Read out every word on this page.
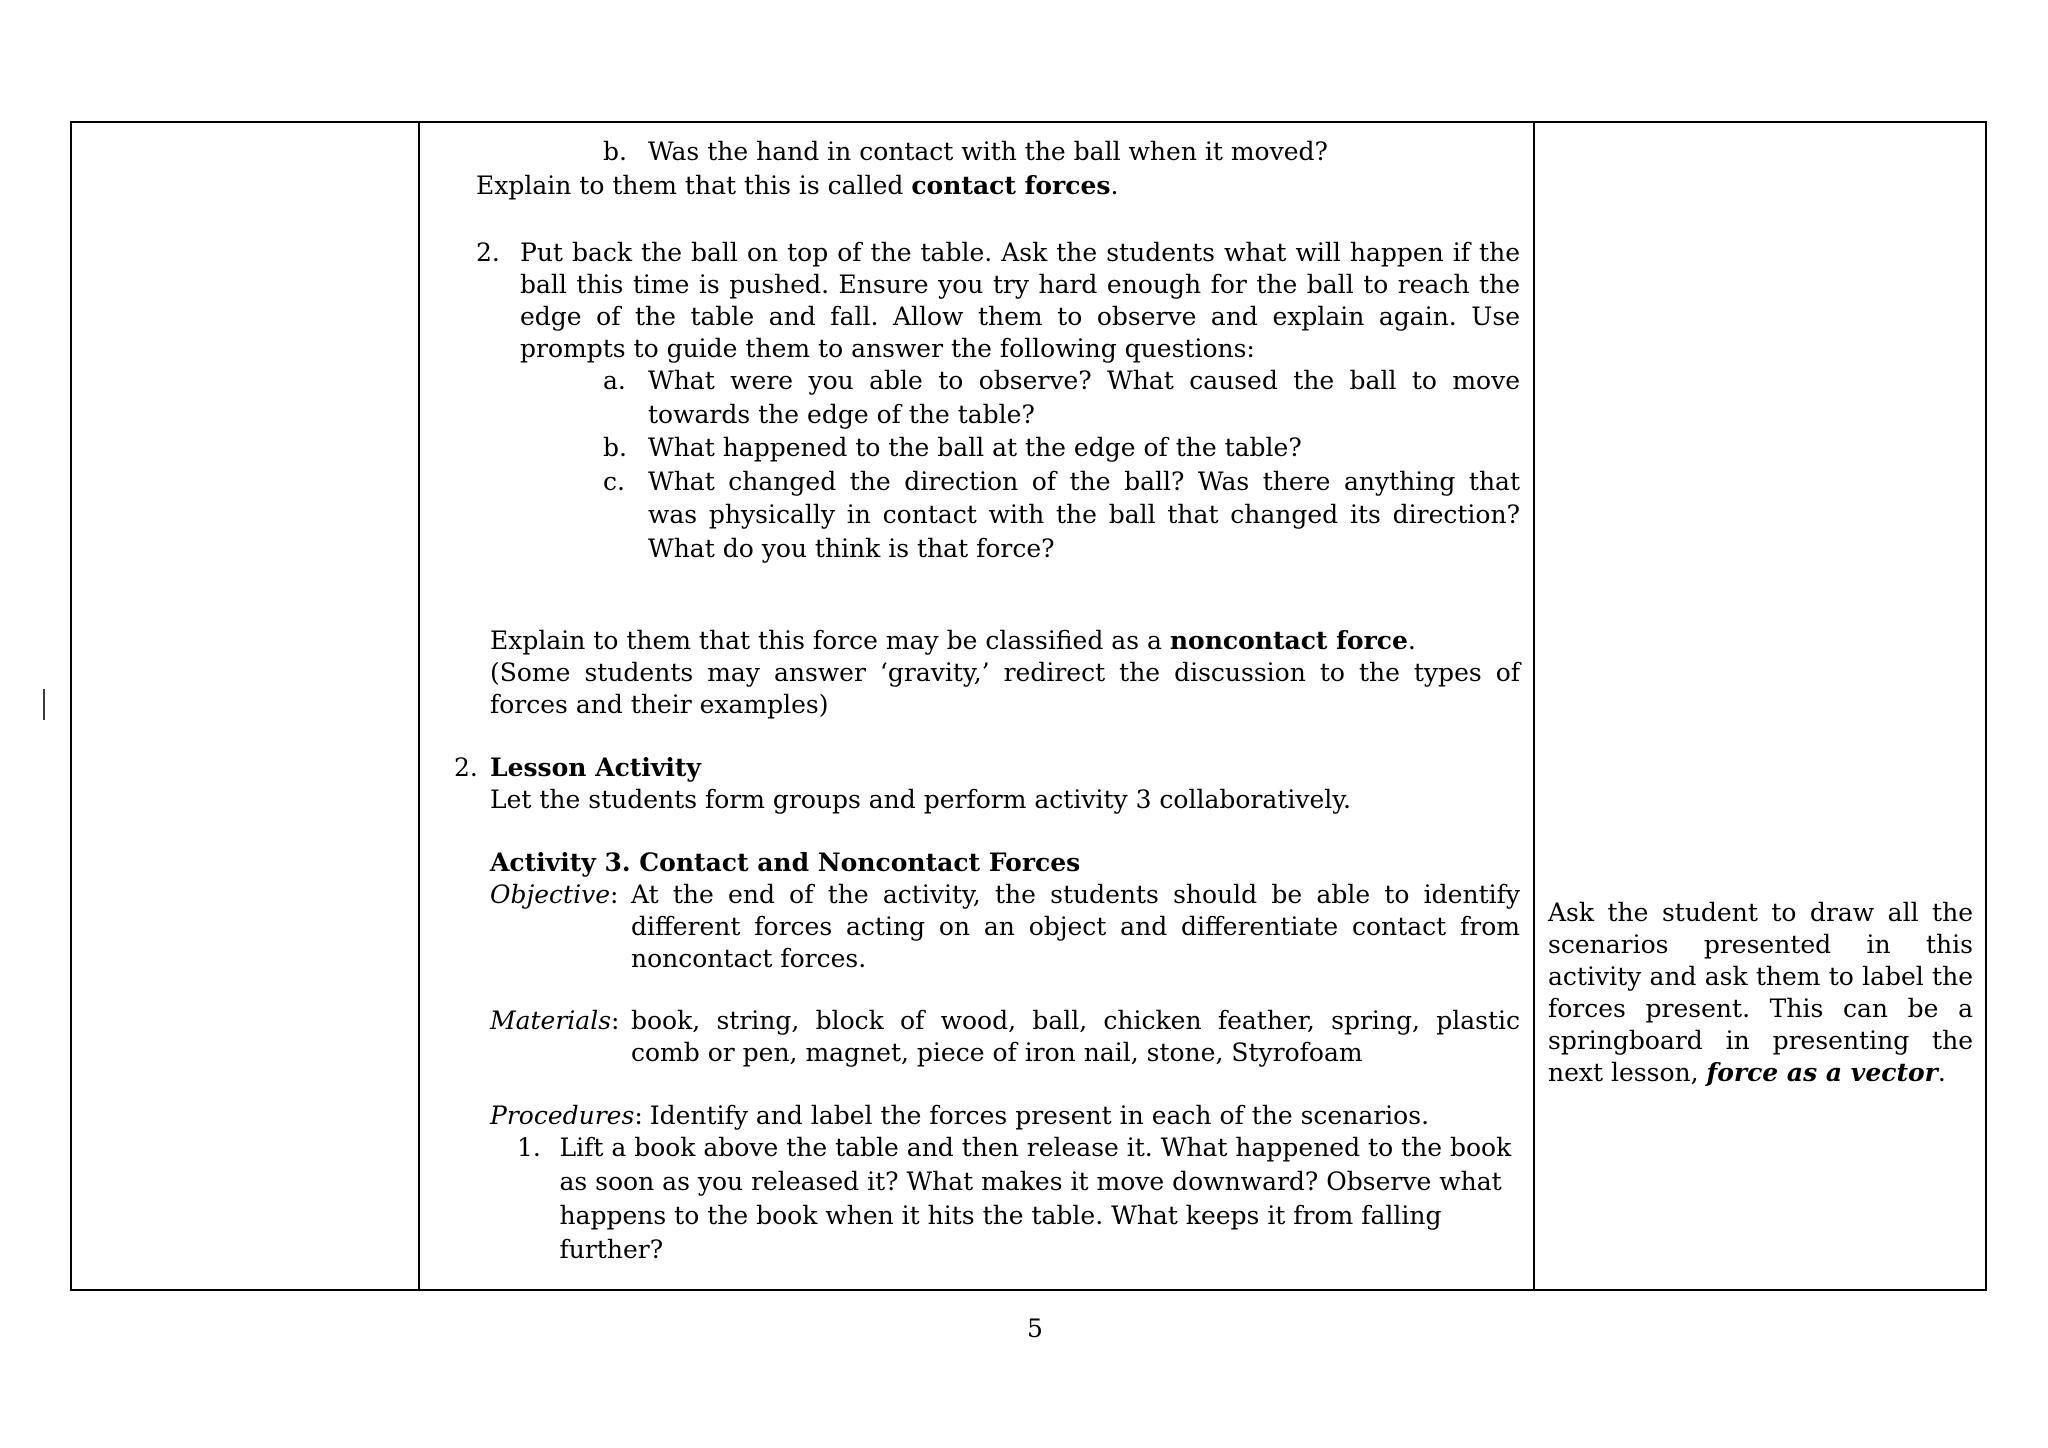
b. Was the hand in contact with the ball when it moved?
Explain to them that this is called contact forces.
2. Put back the ball on top of the table. Ask the students what will happen if the ball this time is pushed. Ensure you try hard enough for the ball to reach the edge of the table and fall. Allow them to observe and explain again. Use prompts to guide them to answer the following questions:
a. What were you able to observe? What caused the ball to move towards the edge of the table?
b. What happened to the ball at the edge of the table?
c. What changed the direction of the ball? Was there anything that was physically in contact with the ball that changed its direction? What do you think is that force?
Explain to them that this force may be classified as a noncontact force.
(Some students may answer ‘gravity,’ redirect the discussion to the types of forces and their examples)
2. Lesson Activity
Let the students form groups and perform activity 3 collaboratively.
Activity 3. Contact and Noncontact Forces
Objective: At the end of the activity, the students should be able to identify different forces acting on an object and differentiate contact from noncontact forces.
Materials: book, string, block of wood, ball, chicken feather, spring, plastic comb or pen, magnet, piece of iron nail, stone, Styrofoam
Procedures: Identify and label the forces present in each of the scenarios.
1. Lift a book above the table and then release it. What happened to the book as soon as you released it? What makes it move downward? Observe what happens to the book when it hits the table. What keeps it from falling further?
Ask the student to draw all the scenarios presented in this activity and ask them to label the forces present. This can be a springboard in presenting the next lesson, force as a vector.
5
